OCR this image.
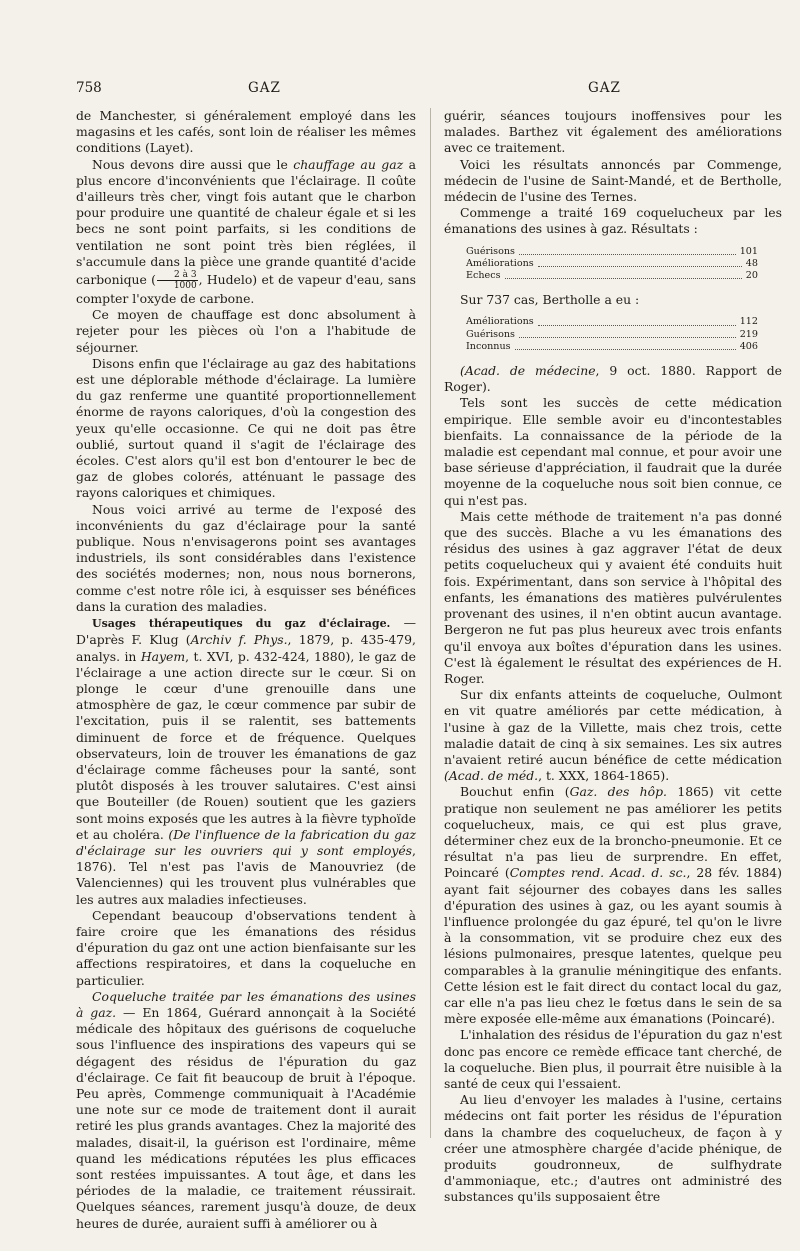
758	GAZ	GAZ

de Manchester, si généralement employé dans les magasins et les cafés, sont loin de réaliser les mêmes conditions (Layet).

Nous devons dire aussi que le chauffage au gaz a plus encore d'inconvénients que l'éclairage. Il coûte d'ailleurs très cher, vingt fois autant que le charbon pour produire une quantité de chaleur égale et si les becs ne sont point parfaits, si les conditions de ventilation ne sont point très bien réglées, il s'accumule dans la pièce une grande quantité d'acide carbonique ( $\frac{2 à 3}{1000}$ , Hudelo) et de vapeur d'eau, sans compter l'oxyde de carbone.

Ce moyen de chauffage est donc absolument à rejeter pour les pièces où l'on a l'habitude de séjourner.

Disons enfin que l'éclairage au gaz des habitations est une déplorable méthode d'éclairage. La lumière du gaz renferme une quantité proportionnellement énorme de rayons caloriques, d'où la congestion des yeux qu'elle occasionne. Ce qui ne doit pas être oublié, surtout quand il s'agit de l'éclairage des écoles. C'est alors qu'il est bon d'entourer le bec de gaz de globes colorés, atténuant le passage des rayons caloriques et chimiques.

Nous voici arrivé au terme de l'exposé des inconvénients du gaz d'éclairage pour la santé publique. Nous n'envisagerons point ses avantages industriels, ils sont considérables dans l'existence des sociétés modernes; non, nous nous bornerons, comme c'est notre rôle ici, à esquisser ses bénéfices dans la curation des maladies.

Usages thérapeutiques du gaz d'éclairage. — D'après F. Klug (Archiv f. Phys., 1879, p. 435-479, analys. in Hayem, t. XVI, p. 432-424, 1880), le gaz de l'éclairage a une action directe sur le cœur. Si on plonge le cœur d'une grenouille dans une atmosphère de gaz, le cœur commence par subir de l'excitation, puis il se ralentit, ses battements diminuent de force et de fréquence. Quelques observateurs, loin de trouver les émanations de gaz d'éclairage comme fâcheuses pour la santé, sont plutôt disposés à les trouver salutaires. C'est ainsi que Bouteiller (de Rouen) soutient que les gaziers sont moins exposés que les autres à la fièvre typhoïde et au choléra. (De l'influence de la fabrication du gaz d'éclairage sur les ouvriers qui y sont employés, 1876). Tel n'est pas l'avis de Manouvriez (de Valenciennes) qui les trouvent plus vulnérables que les autres aux maladies infectieuses.

Cependant beaucoup d'observations tendent à faire croire que les émanations des résidus d'épuration du gaz ont une action bienfaisante sur les affections respiratoires, et dans la coqueluche en particulier.

Coqueluche traitée par les émanations des usines à gaz. — En 1864, Guérard annonçait à la Société médicale des hôpitaux des guérisons de coqueluche sous l'influence des inspirations des vapeurs qui se dégagent des résidus de l'épuration du gaz d'éclairage. Ce fait fit beaucoup de bruit à l'époque. Peu après, Commenge communiquait à l'Académie une note sur ce mode de traitement dont il aurait retiré les plus grands avantages. Chez la majorité des malades, disait-il, la guérison est l'ordinaire, même quand les médications réputées les plus efficaces sont restées impuissantes. A tout âge, et dans les périodes de la maladie, ce traitement réussirait. Quelques séances, rarement jusqu'à douze, de deux heures de durée, auraient suffi à améliorer ou à

guérir, séances toujours inoffensives pour les malades. Barthez vit également des améliorations avec ce traitement.

Voici les résultats annoncés par Commenge, médecin de l'usine de Saint-Mandé, et de Bertholle, médecin de l'usine des Ternes.

Commenge a traité 169 coqueluchеux par les émanations des usines à gaz. Résultats :

Guérisons	101
Améliorations	48
Echecs	20

Sur 737 cas, Bertholle a eu :

Améliorations	112
Guérisons	219
Inconnus	406

(Acad. de médecine, 9 oct. 1880. Rapport de Roger).

Tels sont les succès de cette médication empirique. Elle semble avoir eu d'incontestables bienfaits. La connaissance de la période de la maladie est cependant mal connue, et pour avoir une base sérieuse d'appréciation, il faudrait que la durée moyenne de la coqueluche nous soit bien connue, ce qui n'est pas.

Mais cette méthode de traitement n'a pas donné que des succès. Blache a vu les émanations des résidus des usines à gaz aggraver l'état de deux petits coqueluchеux qui y avaient été conduits huit fois. Expérimentant, dans son service à l'hôpital des enfants, les émanations des matières pulvérulentes provenant des usines, il n'en obtint aucun avantage. Bergeron ne fut pas plus heureux avec trois enfants qu'il envoya aux boîtes d'épuration dans les usines. C'est là également le résultat des expériences de H. Roger.

Sur dix enfants atteints de coqueluche, Oulmont en vit quatre améliorés par cette médication, à l'usine à gaz de la Villette, mais chez trois, cette maladie datait de cinq à six semaines. Les six autres n'avaient retiré aucun bénéfice de cette médication (Acad. de méd., t. XXX, 1864-1865).

Bouchut enfin (Gaz. des hôp. 1865) vit cette pratique non seulement ne pas améliorer les petits coqueluchеux, mais, ce qui est plus grave, déterminer chez eux de la broncho-pneumonie. Et ce résultat n'a pas lieu de surprendre. En effet, Poincaré (Comptes rend. Acad. d. sc., 28 fév. 1884) ayant fait séjourner des cobayes dans les salles d'épuration des usines à gaz, ou les ayant soumis à l'influence prolongée du gaz épuré, tel qu'on le livre à la consommation, vit se produire chez eux des lésions pulmonaires, presque latentes, quelque peu comparables à la granulie méningitique des enfants. Cette lésion est le fait direct du contact local du gaz, car elle n'a pas lieu chez le fœtus dans le sein de sa mère exposée elle-même aux émanations (Poincaré).

L'inhalation des résidus de l'épuration du gaz n'est donc pas encore ce remède efficace tant cherché, de la coqueluche. Bien plus, il pourrait être nuisible à la santé de ceux qui l'essaient.

Au lieu d'envoyer les malades à l'usine, certains médecins ont fait porter les résidus de l'épuration dans la chambre des coqueluchеux, de façon à y créer une atmosphère chargée d'acide phénique, de produits goudronneux, de sulfhydrate d'ammoniaque, etc.; d'autres ont administré des substances qu'ils supposaient être
